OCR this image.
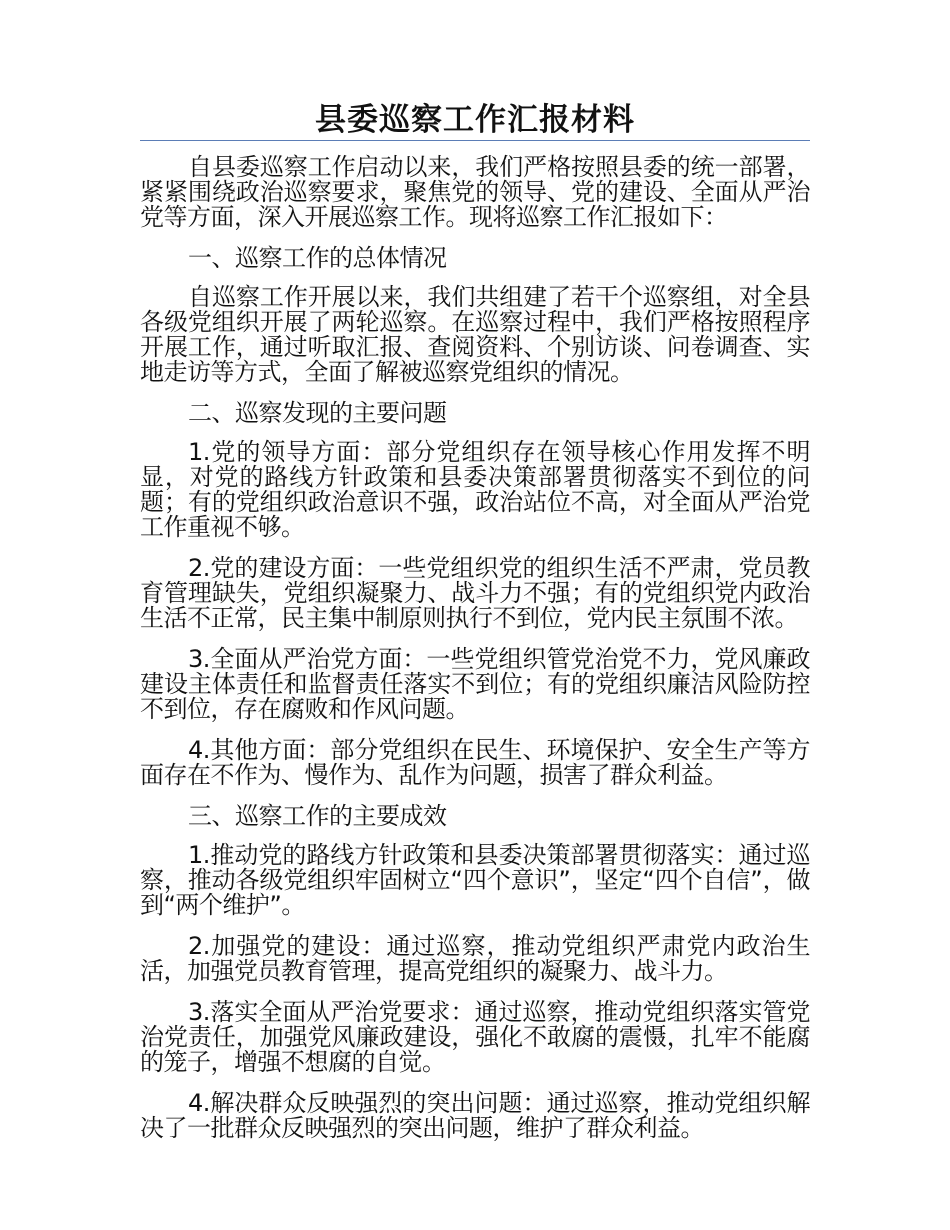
县委巡察工作汇报材料

自县委巡察工作启动以来，我们严格按照县委的统一部署，紧紧围绕政治巡察要求，聚焦党的领导、党的建设、全面从严治党等方面，深入开展巡察工作。现将巡察工作汇报如下：

一、巡察工作的总体情况

自巡察工作开展以来，我们共组建了若干个巡察组，对全县各级党组织开展了两轮巡察。在巡察过程中，我们严格按照程序开展工作，通过听取汇报、查阅资料、个别访谈、问卷调查、实地走访等方式，全面了解被巡察党组织的情况。

二、巡察发现的主要问题

1.党的领导方面：部分党组织存在领导核心作用发挥不明显，对党的路线方针政策和县委决策部署贯彻落实不到位的问题；有的党组织政治意识不强，政治站位不高，对全面从严治党工作重视不够。

2.党的建设方面：一些党组织党的组织生活不严肃，党员教育管理缺失，党组织凝聚力、战斗力不强；有的党组织党内政治生活不正常，民主集中制原则执行不到位，党内民主氛围不浓。

3.全面从严治党方面：一些党组织管党治党不力，党风廉政建设主体责任和监督责任落实不到位；有的党组织廉洁风险防控不到位，存在腐败和作风问题。

4.其他方面：部分党组织在民生、环境保护、安全生产等方面存在不作为、慢作为、乱作为问题，损害了群众利益。

三、巡察工作的主要成效

1.推动党的路线方针政策和县委决策部署贯彻落实：通过巡察，推动各级党组织牢固树立“四个意识”，坚定“四个自信”，做到“两个维护”。

2.加强党的建设：通过巡察，推动党组织严肃党内政治生活，加强党员教育管理，提高党组织的凝聚力、战斗力。

3.落实全面从严治党要求：通过巡察，推动党组织落实管党治党责任，加强党风廉政建设，强化不敢腐的震慑，扎牢不能腐的笼子，增强不想腐的自觉。

4.解决群众反映强烈的突出问题：通过巡察，推动党组织解决了一批群众反映强烈的突出问题，维护了群众利益。
